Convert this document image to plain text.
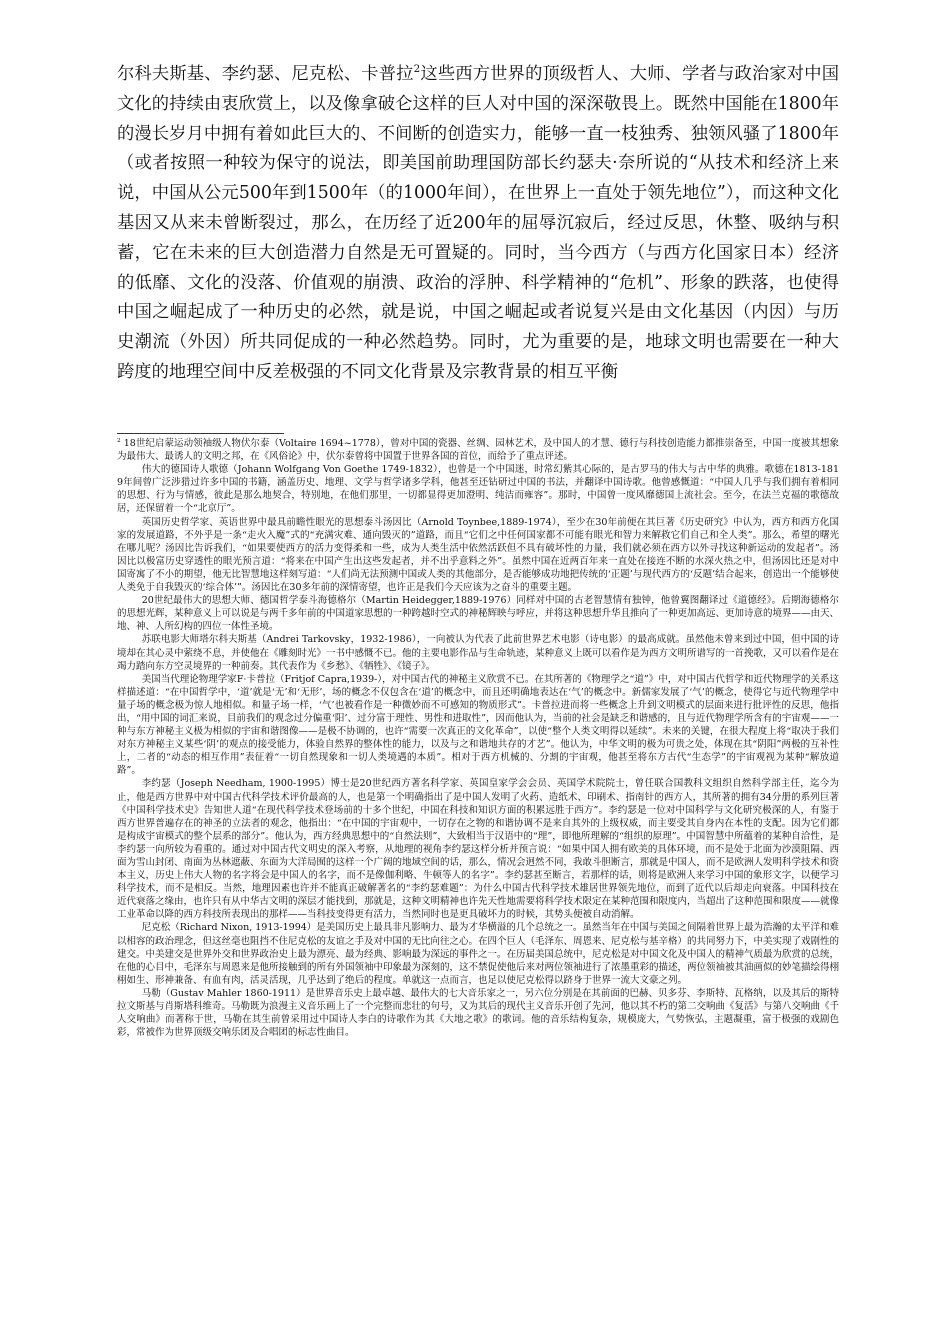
尔科夫斯基、李约瑟、尼克松、卡普拉$^2$这些西方世界的顶级哲人、大师、学者与政治家对中国文化的持续由衷欣赏上，以及像拿破仑这样的巨人对中国的深深敬畏上。既然中国能在1800年的漫长岁月中拥有着如此巨大的、不间断的创造实力，能够一直一枝独秀、独领风骚了1800年（或者按照一种较为保守的说法，即美国前助理国防部长约瑟夫·奈所说的“从技术和经济上来说，中国从公元500年到1500年（的1000年间），在世界上一直处于领先地位”），而这种文化基因又从来未曾断裂过，那么，在历经了近200年的屈辱沉寂后，经过反思，休整、吸纳与积蓄，它在未来的巨大创造潜力自然是无可置疑的。同时，当今西方（与西方化国家日本）经济的低靡、文化的没落、价值观的崩溃、政治的浮肿、科学精神的“危机”、形象的跌落，也使得中国之崛起成了一种历史的必然，就是说，中国之崛起或者说复兴是由文化基因（内因）与历史潮流（外因）所共同促成的一种必然趋势。同时，尤为重要的是，地球文明也需要在一种大跨度的地理空间中反差极强的不同文化背景及宗教背景的相互平衡

$^2$ 18世纪启蒙运动领袖级人物伏尔泰（Voltaire 1694~1778），曾对中国的瓷器、丝绸、园林艺术，及中国人的才慧、德行与科技创造能力都推崇备至，中国一度被其想象为最伟大、最诱人的文明之邦，在《风俗论》中，伏尔泰曾将中国置于世界各国的首位，而给予了重点评述。

伟大的德国诗人歌德（Johann Wolfgang Von Goethe 1749-1832），也曾是一个中国迷，时常幻紫其心际的，是古罗马的伟大与古中华的典雅。歌德在1813-1819年间曾广泛涉猎过许多中国的书籍，涵盖历史、地理、文学与哲学诸多学科，他甚至还钻研过中国的书法，并翻译中国诗歌。他曾感慨道：“中国人几乎与我们拥有着相同的思想、行为与情感，彼此是那么地契合，特别地，在他们那里，一切都显得更加澄明、纯洁而雍容”。那时，中国曾一度风靡德国上流社会。至今，在法兰克福的歌德故居，还保留着一个“北京厅”。

英国历史哲学家、英语世界中最具前瞻性眼光的思想泰斗汤因比（Arnold Toynbee,1889-1974），至少在30年前便在其巨著《历史研究》中认为，西方和西方化国家的发展道路，不外乎是一条“走火入魔”式的“充满灾难、通向毁灭的”道路，而且“它们之中任何国家都不可能有眼光和智力来解救它们自己和全人类”。那么，希望的曙光在哪儿呢？汤因比告诉我们，“如果要使西方的活力变得柔和一些，成为人类生活中依然活跃但不具有破坏性的力量，我们就必须在西方以外寻找这种新运动的发起者”。汤因比以极富历史穿透性的眼光预言道：“将来在中国产生出这些发起者，并不出乎意料之外”。虽然中国在近两百年来一直处在接连不断的水深火热之中，但汤因比还是对中国寄寓了不小的期望，他无比智慧地这样刻写道：“人们尚无法预测中国或人类的其他部分，是否能够成功地把传统的‘正题’与现代西方的‘反题’结合起来，创造出一个能够使人类免于自我毁灭的‘综合体’”。汤因比在30多年前的深情寄望，也许正是我们今天应该为之奋斗的重要主题。

20世纪最伟大的思想大师、德国哲学泰斗海德格尔（Martin Heidegger,1889-1976）同样对中国的古老智慧情有独钟，他曾翼图翻译过《道德经》。后期海德格尔的思想光辉，某种意义上可以说是与两千多年前的中国道家思想的一种跨越时空式的神秘辉映与呼应，并将这种思想升华且推向了一种更加高远、更加诗意的境界——由天、地、神、人所幻构的四位一体性圣境。

苏联电影大师塔尔科夫斯基（Andrei Tarkovsky，1932-1986），一向被认为代表了此前世界艺术电影（诗电影）的最高成就。虽然他未曾来到过中国，但中国的诗境却在其心灵中萦绕不息，并使他在《雕刻时光》一书中感慨不已。他的主要电影作品与生命轨迹，某种意义上既可以看作是为西方文明所谱写的一首挽歌，又可以看作是在竭力踏向东方空灵境界的一种前奏。其代表作为《乡愁》、《牺牲》、《镜子》。

美国当代理论物理学家F·卡普拉（Fritjof Capra,1939-），对中国古代的神秘主义欣赏不已。在其所著的《物理学之“道”》中，对中国古代哲学和近代物理学的关系这样描述道：“在中国哲学中，‘道’就是‘无’和‘无形’，场的概念不仅包含在‘道’的概念中，而且还明确地表达在‘气’的概念中。新儒家发展了‘气’的概念，使得它与近代物理学中量子场的概念极为惊人地相似。和量子场一样，‘气’也被看作是一种微妙而不可感知的物质形式”。卡普拉进而将一些概念上升到文明模式的层面来进行批评性的反思，他指出，“用中国的词汇来说，目前我们的观念过分偏重‘阳’、过分富于理性、男性和进取性”，因而他认为，当前的社会是缺乏和谐感的，且与近代物理学所含有的宇宙观——一种与东方神秘主义极为相似的宇宙和谐图像——是极不协调的，也许“需要一次真正的文化革命”，以使“整个人类文明得以延续”。未来的关键，在很大程度上将“取决于我们对东方神秘主义某些‘阴’的观点的接受能力，体验自然界的整体性的能力，以及与之和谐地共存的才艺”。他认为，中华文明的极为可贵之处，体现在其“阴阳”两极的互补性上，二者的“动态的相互作用”表征着“一切自然现象和一切人类境遇的本质”。相对于西方机械的、分割的宇宙观，他甚至将东方古代“生态学”的宇宙观视为某种“解放道路”。

李约瑟（Joseph Needham, 1900-1995）博士是20世纪西方著名科学家、英国皇家学会会员、英国学术院院士，曾任联合国教科文组织自然科学部主任，迄今为止，他是西方世界中对中国古代科学技术评价最高的人，也是第一个明确指出了是中国人发明了火药、造纸术、印刷术、指南针的西方人，其所著的拥有34分册的系列巨著《中国科学技术史》告知世人道“在现代科学技术登场前的十多个世纪，中国在科技和知识方面的积累远胜于西方”。李约瑟是一位对中国科学与文化研究极深的人，有鉴于西方世界普遍存在的神圣的立法者的观念，他指出：“在中国的宇宙观中，一切存在之物的和谐协调不是来自其外的上级权威，而主要受其自身内在本性的支配。因为它们都是构成宇宙模式的整个层系的部分”。他认为，西方经典思想中的“自然法则”，大致相当于汉语中的“理”，即他所理解的“组织的原理”。中国智慧中所蕴着的某种自洽性，是李约瑟一向所较为看重的。通过对中国古代文明史的深入考察，从地理的视角李约瑟这样分析并预言说：“如果中国人拥有欧美的具体环境，而不是处于北面为沙漠阻隔、西面为雪山封闭、南面为丛林遮蔽、东面为大洋局囿的这样一个广阔的地域空间的话，那么，情况会迥然不同，我敢斗胆断言，那就是中国人，而不是欧洲人发明科学技术和资本主义，历史上伟大人物的名字将会是中国人的名字，而不是像伽利略、牛顿等人的名字”。李约瑟甚至断言，若那样的话，则将是欧洲人来学习中国的象形文字，以便学习科学技术，而不是相反。当然，地理因素也许并不能真正破解著名的“李约瑟难题”：为什么中国古代科学技术雄居世界领先地位，而到了近代以后却走向衰落。中国科技在近代衰落之缘由，也许只有从中华古文明的深层才能找到，那就是，这种文明精神也许先天性地需要将科学技术限定在某种范围和限度内，当超出了这种范围和限度——就像工业革命以降的西方科技所表现出的那样——当科技变得更有活力，当然同时也是更具破坏力的时候，其势头便被自动消解。

尼克松（Richard Nixon, 1913-1994）是美国历史上最具非凡影响力、最为才华横溢的几个总统之一。虽然当年在中国与美国之间隔着世界上最为浩瀚的太平洋和难以相容的政治理念，但这丝毫也阻挡不住尼克松的友谊之手及对中国的无比向往之心。在四个巨人（毛泽东、周恩来、尼克松与基辛格）的共同努力下，中美实现了戏剧性的建交。中美建交是世界外交和世界政治史上最为漂亮、最为经典、影响最为深远的事件之一。在历届美国总统中，尼克松是对中国文化及中国人的精神气质最为欣赏的总统，在他的心目中，毛泽东与周恩来是他所接触到的所有外国领袖中印象最为深刻的，这不禁促使他后来对两位领袖进行了浓墨重彩的描述，两位领袖被其油画似的妙笔描绘得栩栩如生、形神兼备、有血有肉，活灵活现，几乎达到了绝后的程度。单就这一点而言，也足以使尼克松得以跻身于世界一流大文豪之列。

马勒（Gustav Mahler 1860-1911）是世界音乐史上最卓越、最伟大的七大音乐家之一，另六位分别是在其前面的巴赫、贝多芬、李斯特、瓦格纳，以及其后的斯特拉文斯基与肖斯塔科维奇。马勒既为浪漫主义音乐画上了一个完整而悲壮的句号，又为其后的现代主义音乐开创了先河，他以其不朽的第二交响曲《复活》与第八交响曲《千人交响曲》而著称于世，马勒在其生前曾采用过中国诗人李白的诗歌作为其《大地之歌》的歌词。他的音乐结构复杂，规模庞大，气势恢弘，主题凝重，富于极强的戏剧色彩，常被作为世界顶级交响乐团及合唱团的标志性曲目。
